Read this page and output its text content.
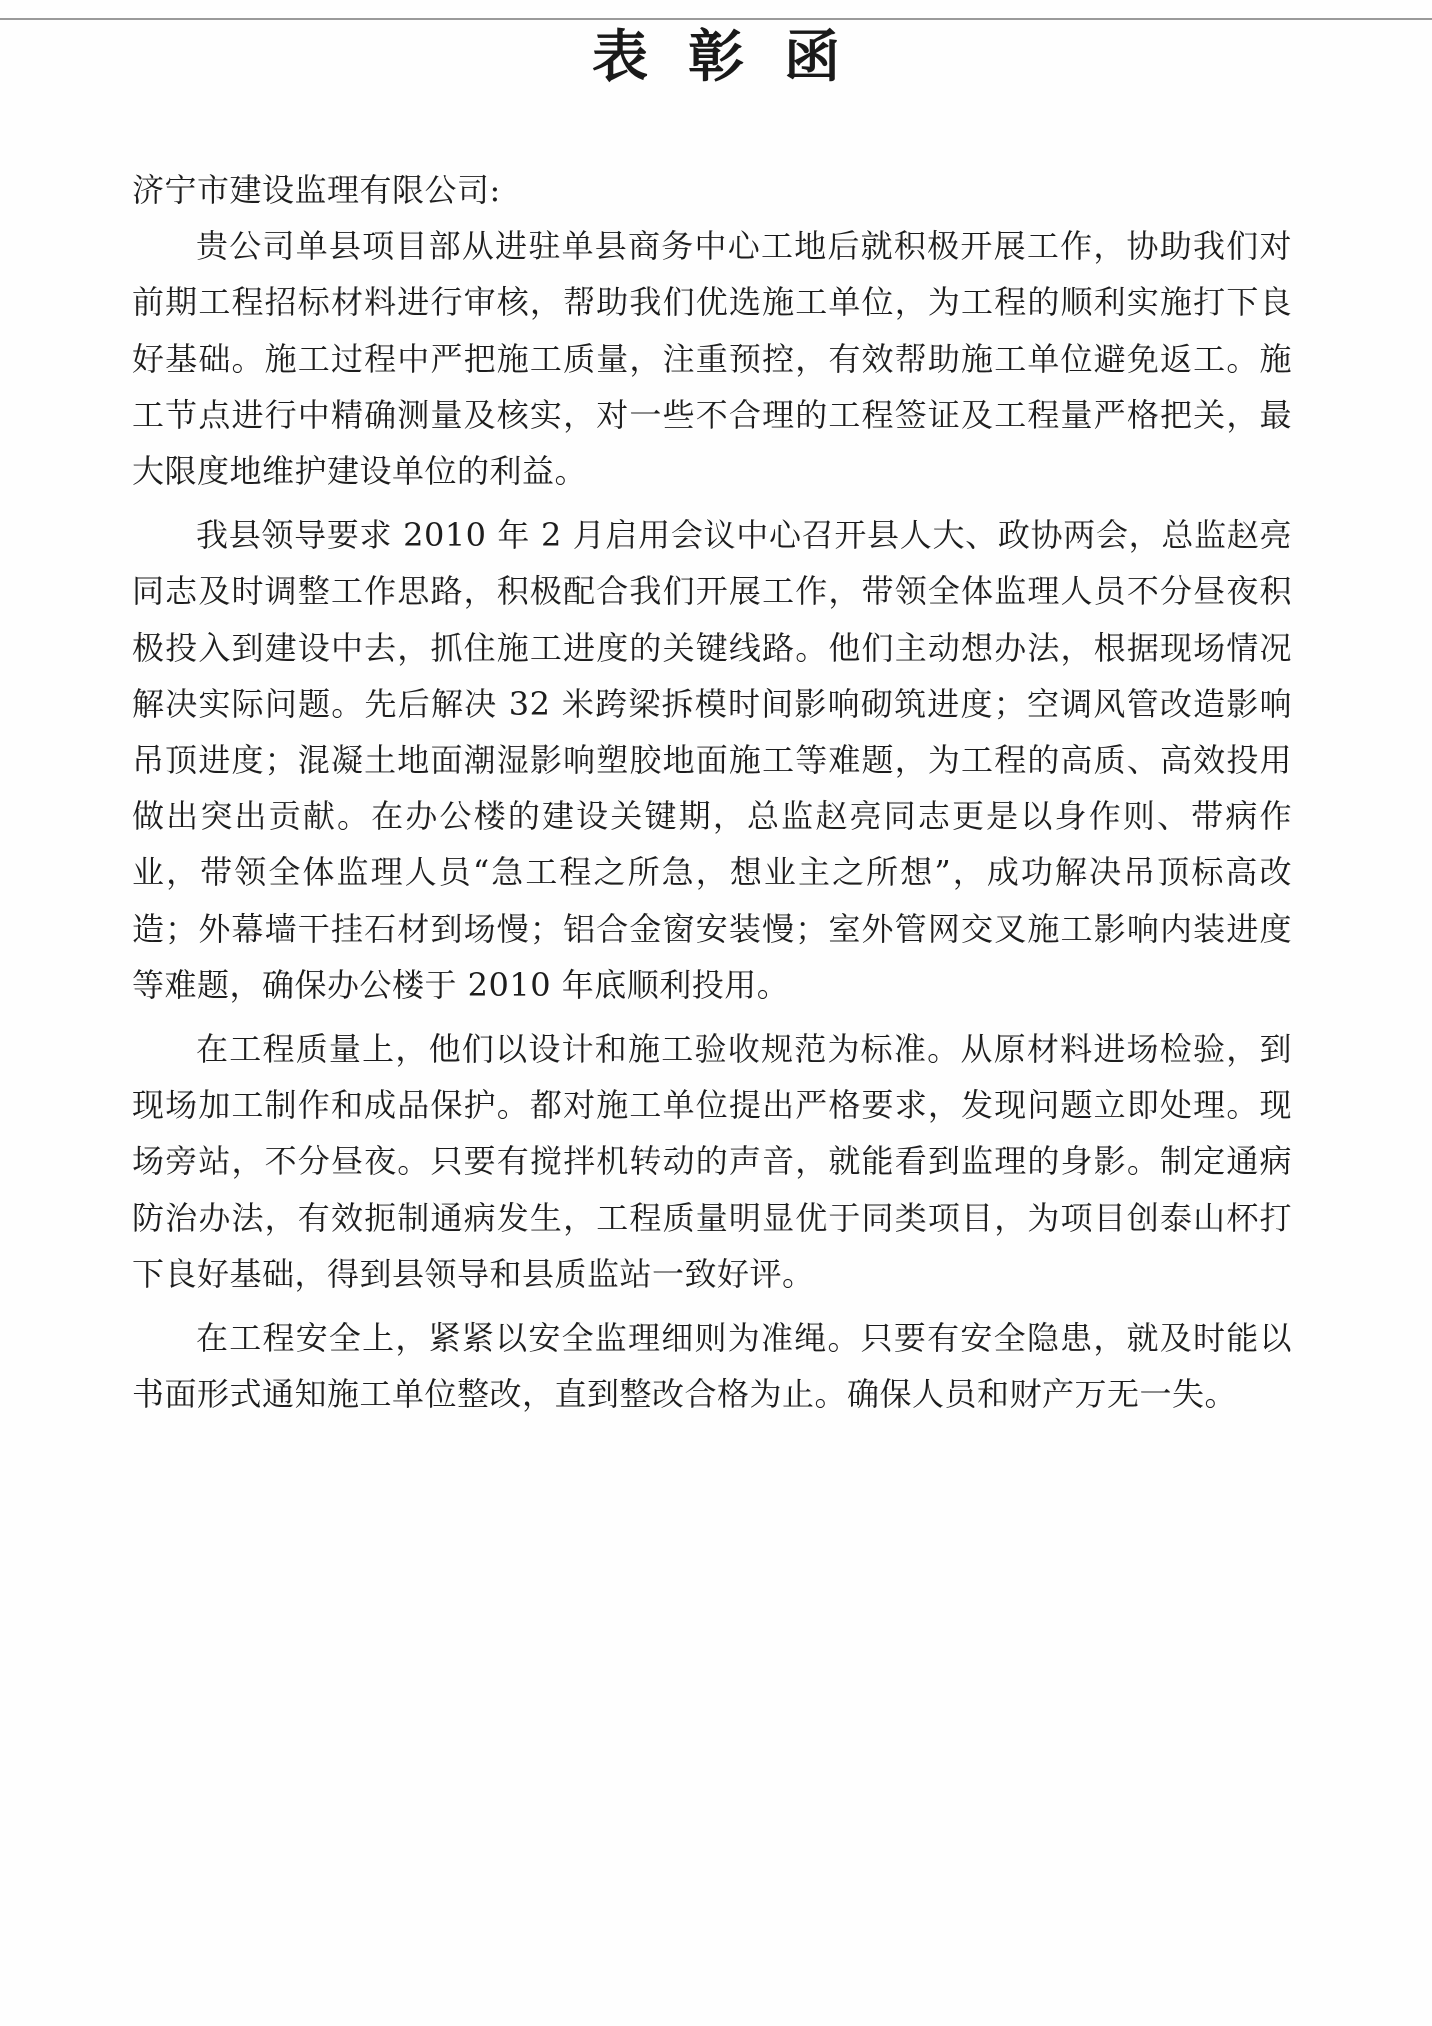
表彰函

济宁市建设监理有限公司:

贵公司单县项目部从进驻单县商务中心工地后就积极开展工作，协助我们对前期工程招标材料进行审核，帮助我们优选施工单位，为工程的顺利实施打下良好基础。施工过程中严把施工质量，注重预控，有效帮助施工单位避免返工。施工节点进行中精确测量及核实，对一些不合理的工程签证及工程量严格把关，最大限度地维护建设单位的利益。

我县领导要求 2010 年 2 月启用会议中心召开县人大、政协两会，总监赵亮同志及时调整工作思路，积极配合我们开展工作，带领全体监理人员不分昼夜积极投入到建设中去，抓住施工进度的关键线路。他们主动想办法，根据现场情况解决实际问题。先后解决 32 米跨梁拆模时间影响砌筑进度；空调风管改造影响吊顶进度；混凝土地面潮湿影响塑胶地面施工等难题，为工程的高质、高效投用做出突出贡献。在办公楼的建设关键期，总监赵亮同志更是以身作则、带病作业，带领全体监理人员“急工程之所急，想业主之所想”，成功解决吊顶标高改造；外幕墙干挂石材到场慢；铝合金窗安装慢；室外管网交叉施工影响内装进度等难题，确保办公楼于 2010 年底顺利投用。

在工程质量上，他们以设计和施工验收规范为标准。从原材料进场检验，到现场加工制作和成品保护。都对施工单位提出严格要求，发现问题立即处理。现场旁站，不分昼夜。只要有搅拌机转动的声音，就能看到监理的身影。制定通病防治办法，有效扼制通病发生，工程质量明显优于同类项目，为项目创泰山杯打下良好基础，得到县领导和县质监站一致好评。

在工程安全上，紧紧以安全监理细则为准绳。只要有安全隐患，就及时能以书面形式通知施工单位整改，直到整改合格为止。确保人员和财产万无一失。
